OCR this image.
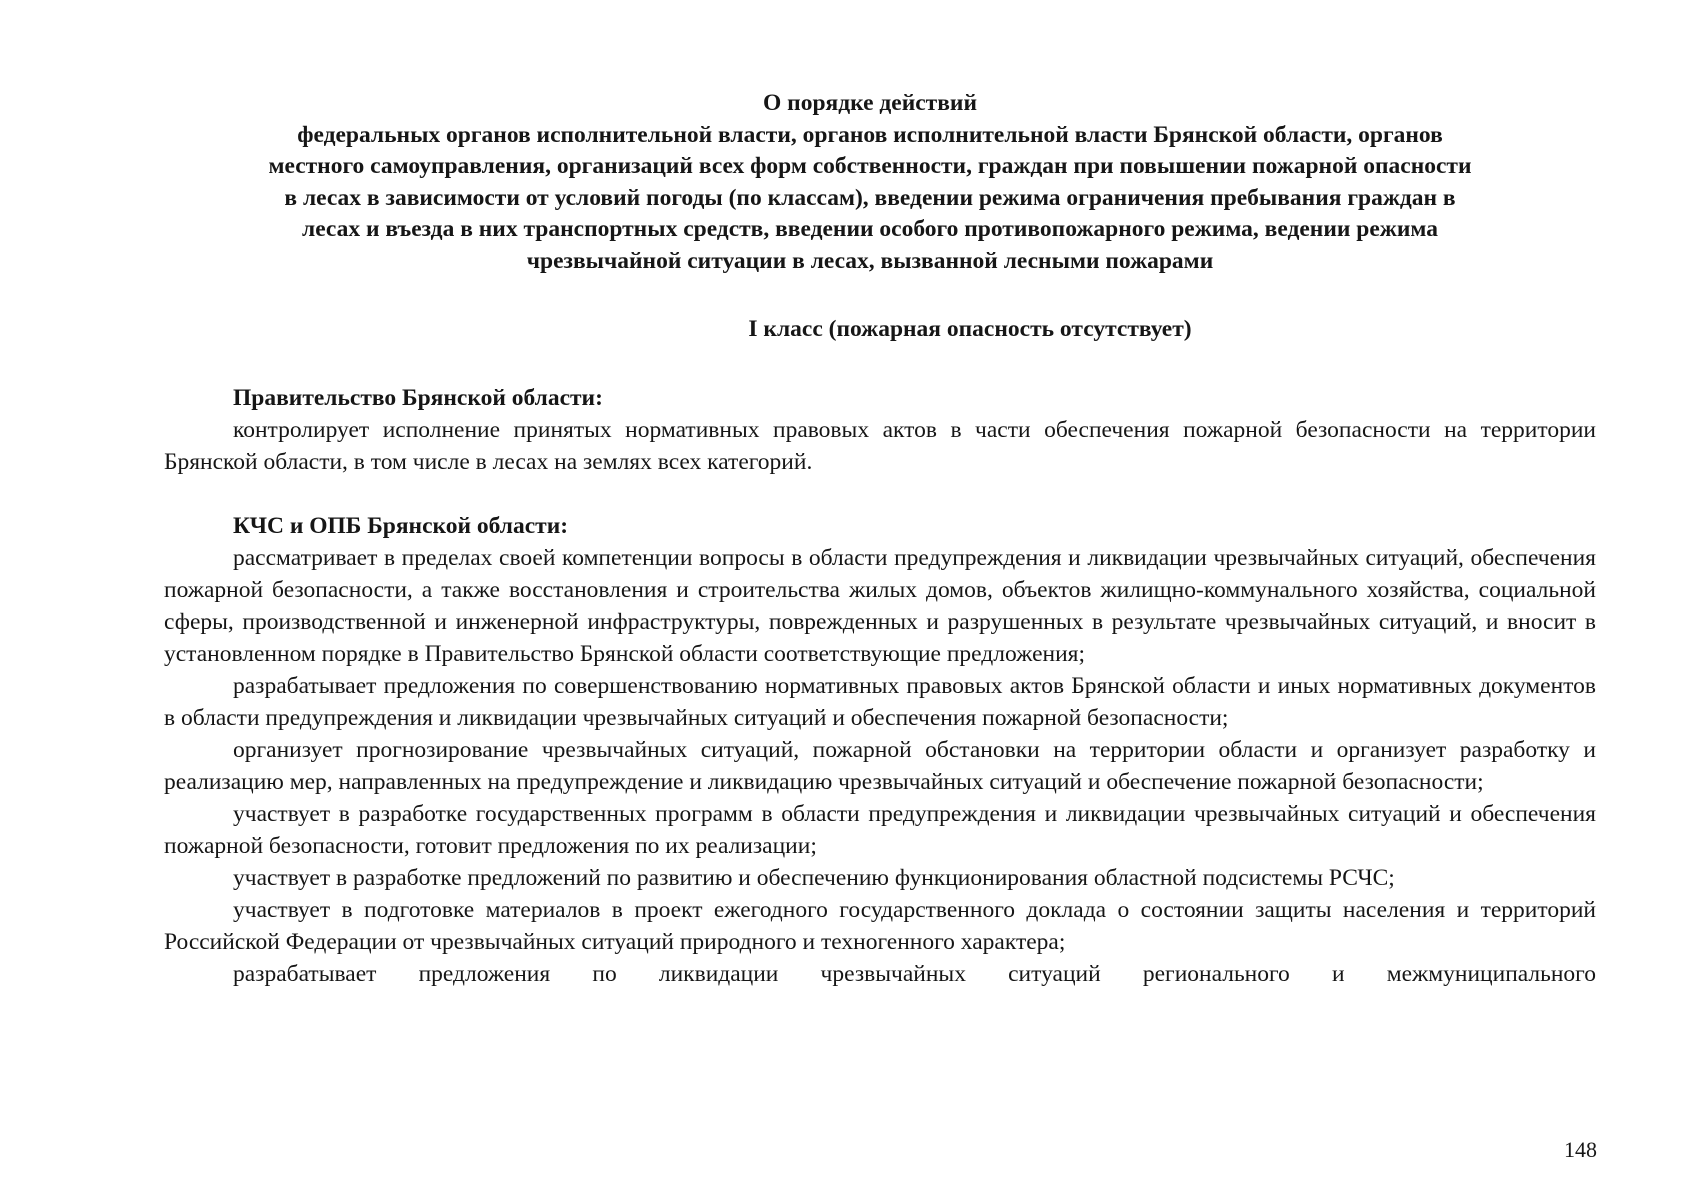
О порядке действий
федеральных органов исполнительной власти, органов исполнительной власти Брянской области, органов
местного самоуправления, организаций всех форм собственности, граждан при повышении пожарной опасности
в лесах в зависимости от условий погоды (по классам), введении режима ограничения пребывания граждан в
лесах и въезда в них транспортных средств, введении особого противопожарного режима, ведении режима
чрезвычайной ситуации в лесах, вызванной лесными пожарами
I класс (пожарная опасность отсутствует)
Правительство Брянской области:

контролирует исполнение принятых нормативных правовых актов в части обеспечения пожарной безопасности на территории Брянской области, в том числе в лесах на землях всех категорий.

КЧС и ОПБ Брянской области:

рассматривает в пределах своей компетенции вопросы в области предупреждения и ликвидации чрезвычайных ситуаций, обеспечения пожарной безопасности, а также восстановления и строительства жилых домов, объектов жилищно-коммунального хозяйства, социальной сферы, производственной и инженерной инфраструктуры, поврежденных и разрушенных в результате чрезвычайных ситуаций, и вносит в установленном порядке в Правительство Брянской области соответствующие предложения;

разрабатывает предложения по совершенствованию нормативных правовых актов Брянской области и иных нормативных документов в области предупреждения и ликвидации чрезвычайных ситуаций и обеспечения пожарной безопасности;

организует прогнозирование чрезвычайных ситуаций, пожарной обстановки на территории области и организует разработку и реализацию мер, направленных на предупреждение и ликвидацию чрезвычайных ситуаций и обеспечение пожарной безопасности;

участвует в разработке государственных программ в области предупреждения и ликвидации чрезвычайных ситуаций и обеспечения пожарной безопасности, готовит предложения по их реализации;

участвует в разработке предложений по развитию и обеспечению функционирования областной подсистемы РСЧС;

участвует в подготовке материалов в проект ежегодного государственного доклада о состоянии защиты населения и территорий Российской Федерации от чрезвычайных ситуаций природного и техногенного характера;

разрабатывает предложения по ликвидации чрезвычайных ситуаций регионального и межмуниципального

148
